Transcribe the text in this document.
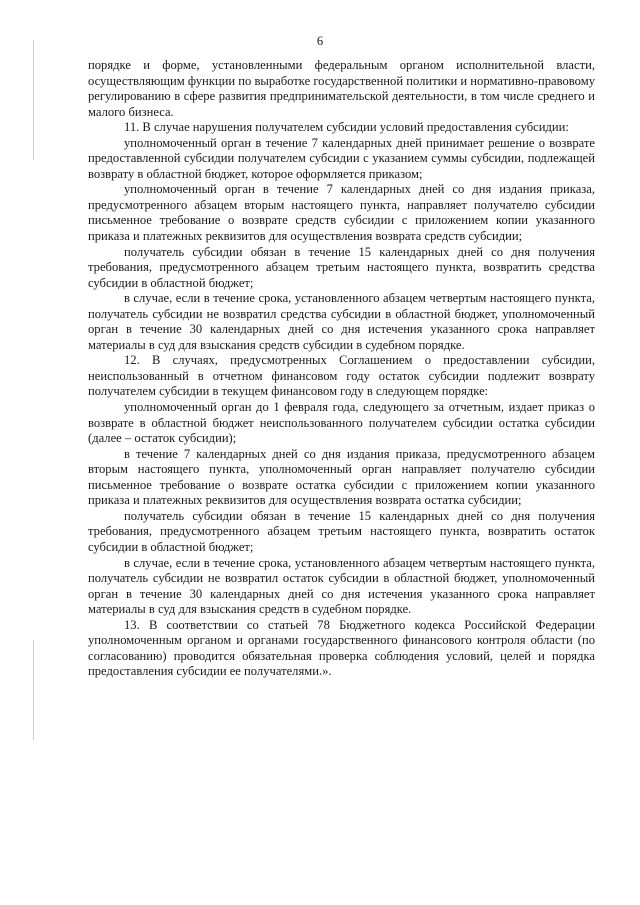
6

порядке и форме, установленными федеральным органом исполнительной власти, осуществляющим функции по выработке государственной политики и нормативно-правовому регулированию в сфере развития предпринимательской деятельности, в том числе среднего и малого бизнеса.

11. В случае нарушения получателем субсидии условий предоставления субсидии:

уполномоченный орган в течение 7 календарных дней принимает решение о возврате предоставленной субсидии получателем субсидии с указанием суммы субсидии, подлежащей возврату в областной бюджет, которое оформляется приказом;

уполномоченный орган в течение 7 календарных дней со дня издания приказа, предусмотренного абзацем вторым настоящего пункта, направляет получателю субсидии письменное требование о возврате средств субсидии с приложением копии указанного приказа и платежных реквизитов для осуществления возврата средств субсидии;

получатель субсидии обязан в течение 15 календарных дней со дня получения требования, предусмотренного абзацем третьим настоящего пункта, возвратить средства субсидии в областной бюджет;

в случае, если в течение срока, установленного абзацем четвертым настоящего пункта, получатель субсидии не возвратил средства субсидии в областной бюджет, уполномоченный орган в течение 30 календарных дней со дня истечения указанного срока направляет материалы в суд для взыскания средств субсидии в судебном порядке.

12. В случаях, предусмотренных Соглашением о предоставлении субсидии, неиспользованный в отчетном финансовом году остаток субсидии подлежит возврату получателем субсидии в текущем финансовом году в следующем порядке:

уполномоченный орган до 1 февраля года, следующего за отчетным, издает приказ о возврате в областной бюджет неиспользованного получателем субсидии остатка субсидии (далее – остаток субсидии);

в течение 7 календарных дней со дня издания приказа, предусмотренного абзацем вторым настоящего пункта, уполномоченный орган направляет получателю субсидии письменное требование о возврате остатка субсидии с приложением копии указанного приказа и платежных реквизитов для осуществления возврата остатка субсидии;

получатель субсидии обязан в течение 15 календарных дней со дня получения требования, предусмотренного абзацем третьим настоящего пункта, возвратить остаток субсидии в областной бюджет;

в случае, если в течение срока, установленного абзацем четвертым настоящего пункта, получатель субсидии не возвратил остаток субсидии в областной бюджет, уполномоченный орган в течение 30 календарных дней со дня истечения указанного срока направляет материалы в суд для взыскания средств в судебном порядке.

13. В соответствии со статьей 78 Бюджетного кодекса Российской Федерации уполномоченным органом и органами государственного финансового контроля области (по согласованию) проводится обязательная проверка соблюдения условий, целей и порядка предоставления субсидии ее получателями.».
